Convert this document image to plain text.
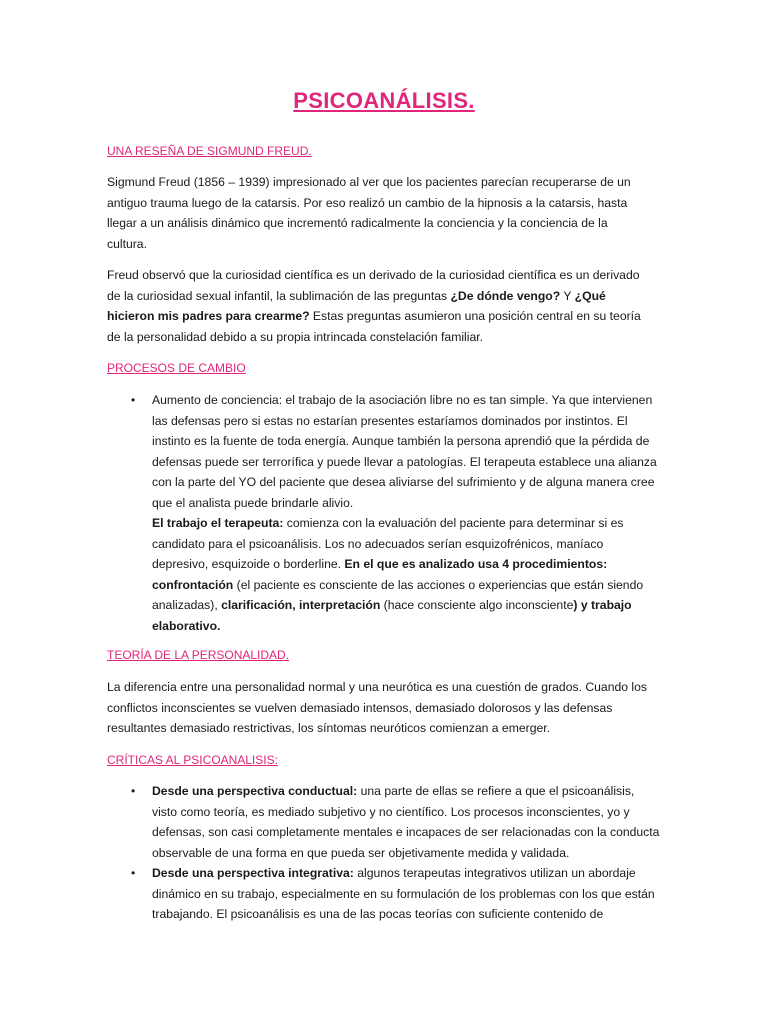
PSICOANÁLISIS.
UNA RESEÑA DE SIGMUND FREUD.

Sigmund Freud (1856 – 1939) impresionado al ver que los pacientes parecían recuperarse de un antiguo trauma luego de la catarsis. Por eso realizó un cambio de la hipnosis a la catarsis, hasta llegar a un análisis dinámico que incrementó radicalmente la conciencia y la conciencia de la cultura.

Freud observó que la curiosidad científica es un derivado de la curiosidad científica es un derivado de la curiosidad sexual infantil, la sublimación de las preguntas ¿De dónde vengo? Y ¿Qué hicieron mis padres para crearme? Estas preguntas asumieron una posición central en su teoría de la personalidad debido a su propia intrincada constelación familiar.

PROCESOS DE CAMBIO
• Aumento de conciencia: el trabajo de la asociación libre no es tan simple. Ya que intervienen las defensas pero si estas no estarían presentes estaríamos dominados por instintos. El instinto es la fuente de toda energía. Aunque también la persona aprendió que la pérdida de defensas puede ser terrorífica y puede llevar a patologías. El terapeuta establece una alianza con la parte del YO del paciente que desea aliviarse del sufrimiento y de alguna manera cree que el analista puede brindarle alivio.
El trabajo el terapeuta: comienza con la evaluación del paciente para determinar si es candidato para el psicoanálisis. Los no adecuados serían esquizofrénicos, maníaco depresivo, esquizoide o borderline. En el que es analizado usa 4 procedimientos: confrontación (el paciente es consciente de las acciones o experiencias que están siendo analizadas), clarificación, interpretación (hace consciente algo inconsciente) y trabajo elaborativo.
TEORÍA DE LA PERSONALIDAD.

La diferencia entre una personalidad normal y una neurótica es una cuestión de grados. Cuando los conflictos inconscientes se vuelven demasiado intensos, demasiado dolorosos y las defensas resultantes demasiado restrictivas, los síntomas neuróticos comienzan a emerger.

CRÍTICAS AL PSICOANALISIS:
• Desde una perspectiva conductual: una parte de ellas se refiere a que el psicoanálisis, visto como teoría, es mediado subjetivo y no científico. Los procesos inconscientes, yo y defensas, son casi completamente mentales e incapaces de ser relacionadas con la conducta observable de una forma en que pueda ser objetivamente medida y validada.
• Desde una perspectiva integrativa: algunos terapeutas integrativos utilizan un abordaje dinámico en su trabajo, especialmente en su formulación de los problemas con los que están trabajando. El psicoanálisis es una de las pocas teorías con suficiente contenido de
